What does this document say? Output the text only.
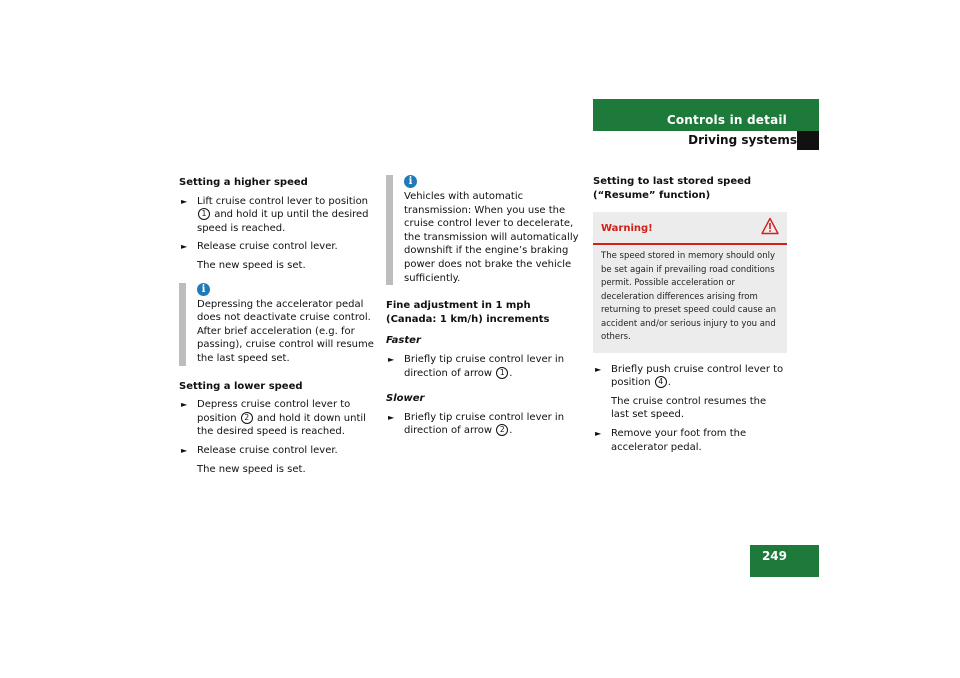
Controls in detail
Driving systems
249

Setting a higher speed

► Lift cruise control lever to position 1 and hold it up until the desired speed is reached.
► Release cruise control lever.

The new speed is set.

i
Depressing the accelerator pedal does not deactivate cruise control. After brief acceleration (e.g. for passing), cruise control will resume the last speed set.

Setting a lower speed

► Depress cruise control lever to position 2 and hold it down until the desired speed is reached.
► Release cruise control lever.

The new speed is set.

i
Vehicles with automatic transmission: When you use the cruise control lever to decelerate, the transmission will automatically downshift if the engine’s braking power does not brake the vehicle sufficiently.

Fine adjustment in 1 mph
(Canada: 1 km/h) increments

Faster

► Briefly tip cruise control lever in direction of arrow 1 .

Slower

► Briefly tip cruise control lever in direction of arrow 2 .

Setting to last stored speed
(“Resume” function)

Warning!
The speed stored in memory should only be set again if prevailing road conditions permit. Possible acceleration or deceleration differences arising from returning to preset speed could cause an accident and/or serious injury to you and others.
► Briefly push cruise control lever to position 4 .

The cruise control resumes the last set speed.

► Remove your foot from the accelerator pedal.
